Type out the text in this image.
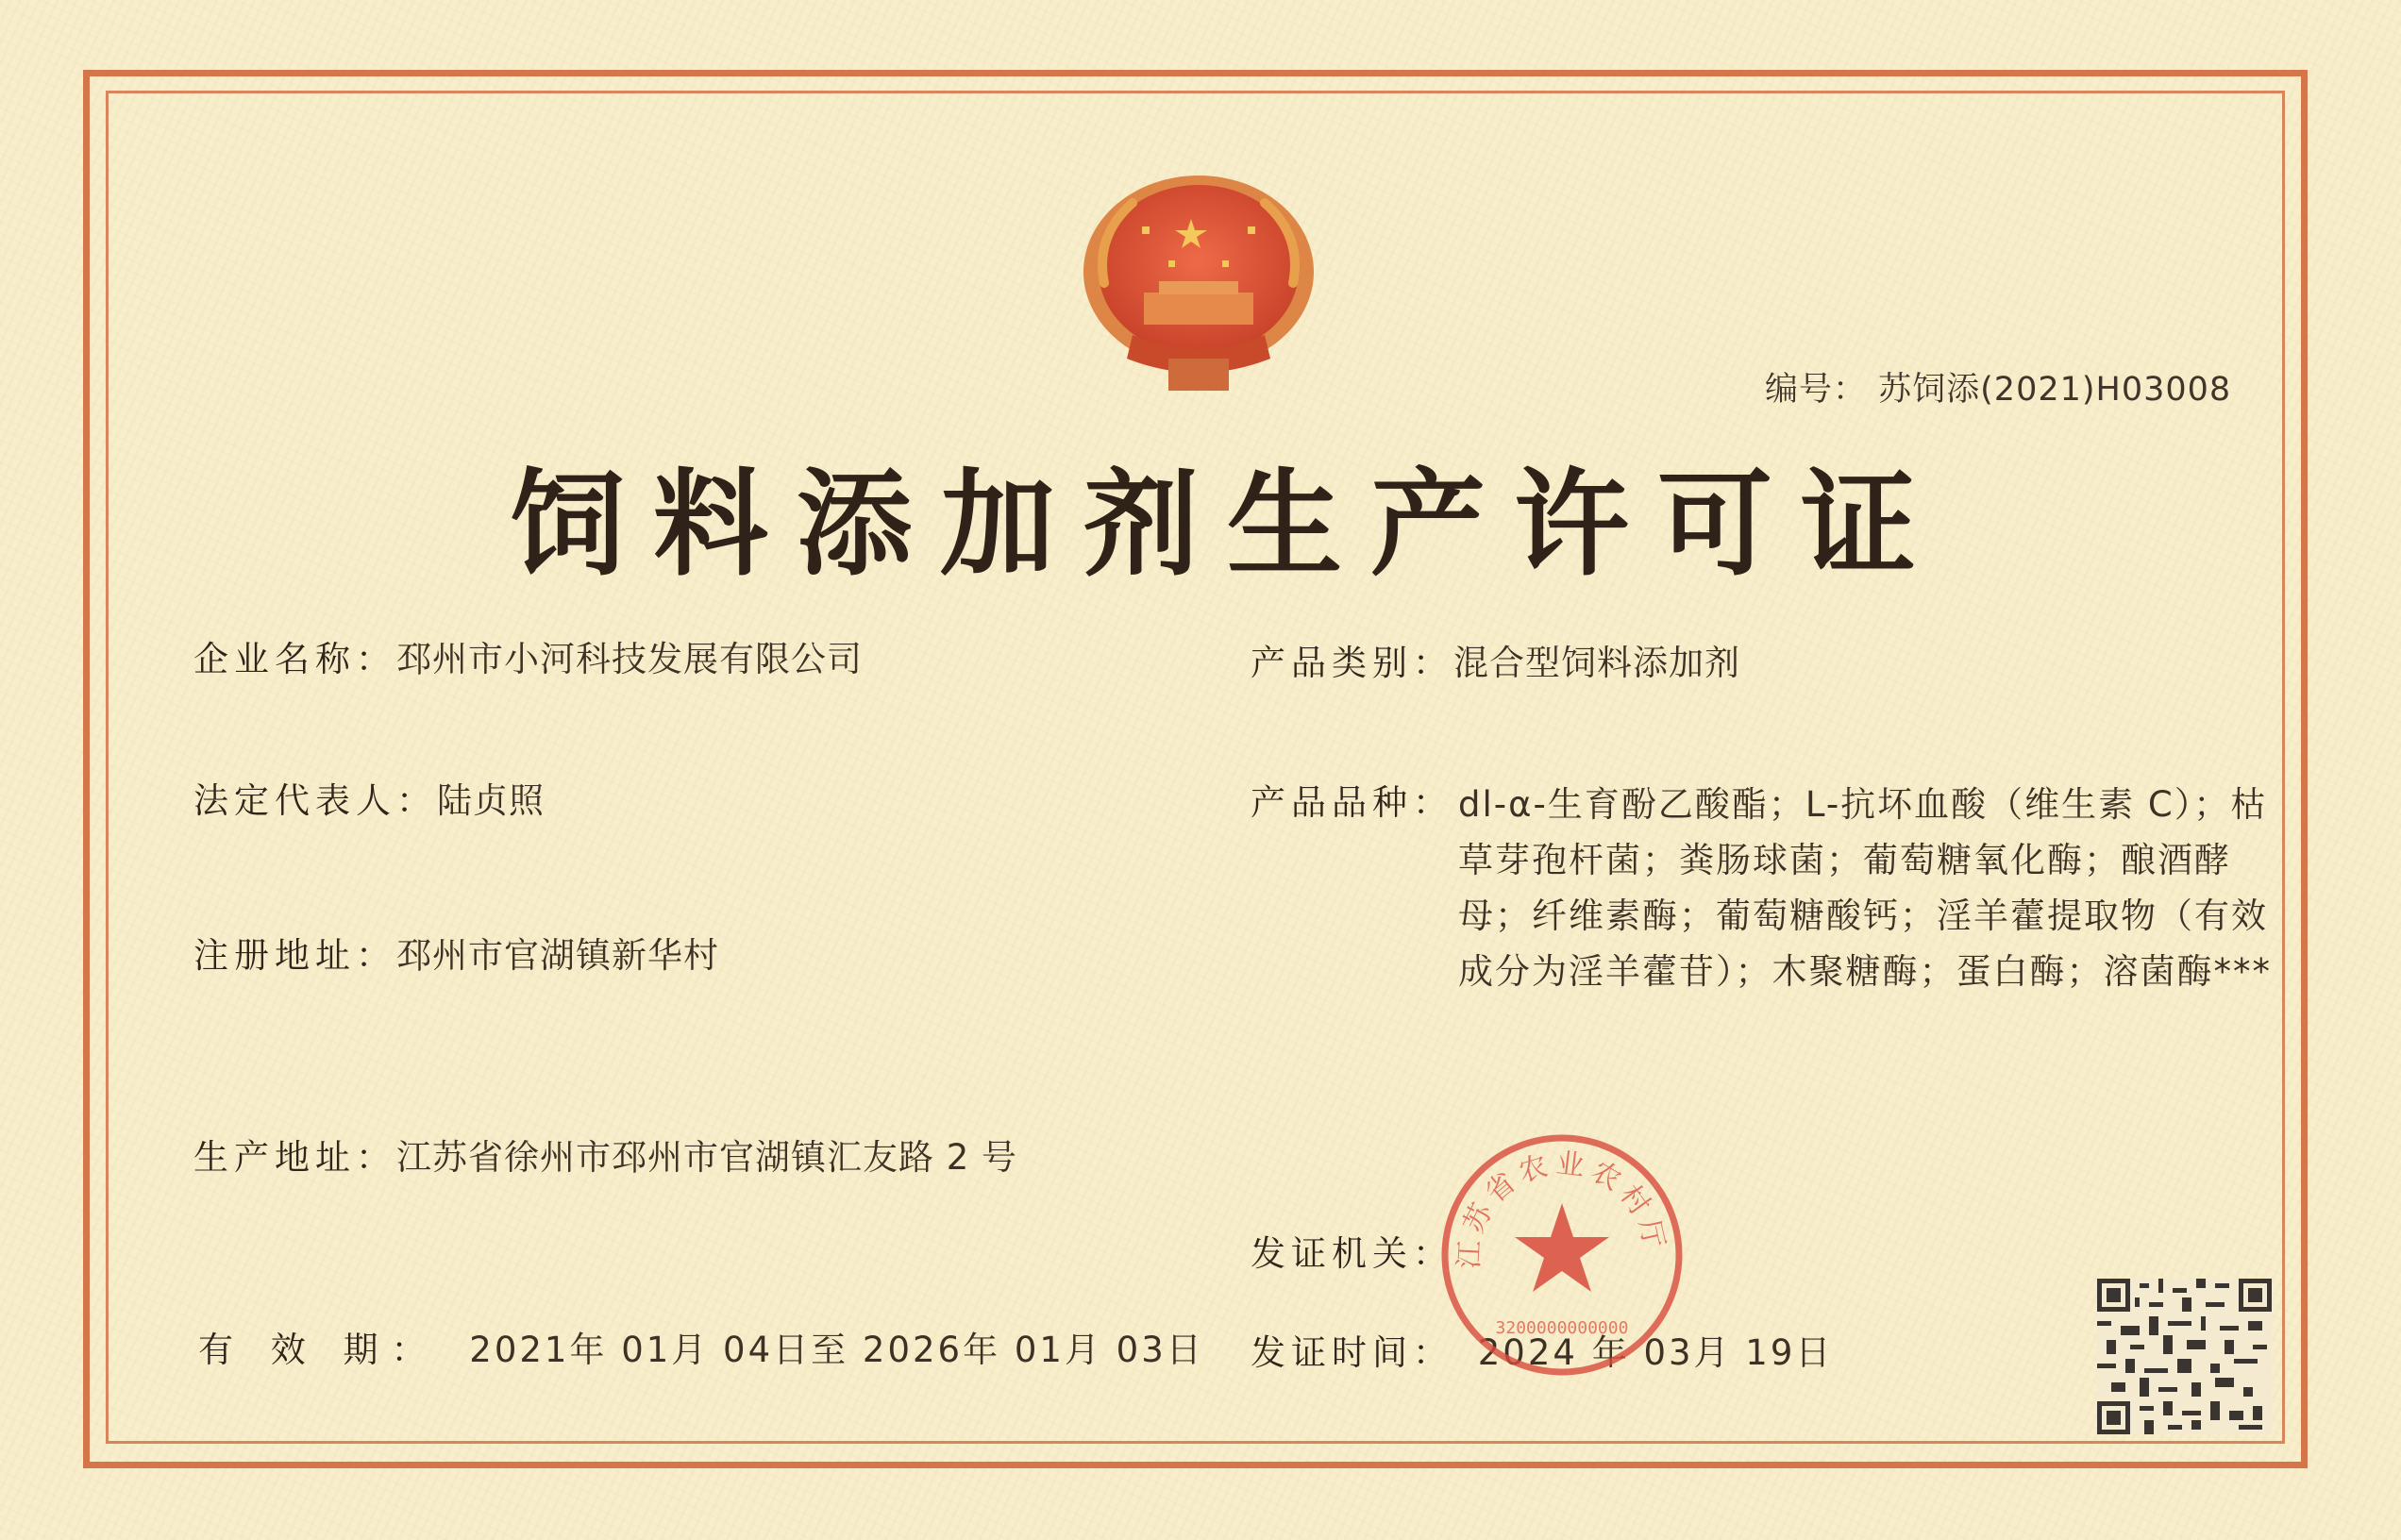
编号： 苏饲添(2021)H03008
饲料添加剂生产许可证
企业名称：邳州市小河科技发展有限公司
法定代表人：陆贞照
注册地址：邳州市官湖镇新华村
生产地址：江苏省徐州市邳州市官湖镇汇友路 2 号
有 效 期： 2021年 01月 04日至 2026年 01月 03日
产品类别：混合型饲料添加剂
产品品种： dl-α-生育酚乙酸酯；L-抗坏血酸（维生素 C）；枯草芽孢杆菌；粪肠球菌；葡萄糖氧化酶；酿酒酵母；纤维素酶；葡萄糖酸钙；淫羊藿提取物（有效成分为淫羊藿苷）；木聚糖酶；蛋白酶；溶菌酶***
发证机关：
发证时间： 2024 年 03月 19日
江苏省农业农村厅
3200000000000
